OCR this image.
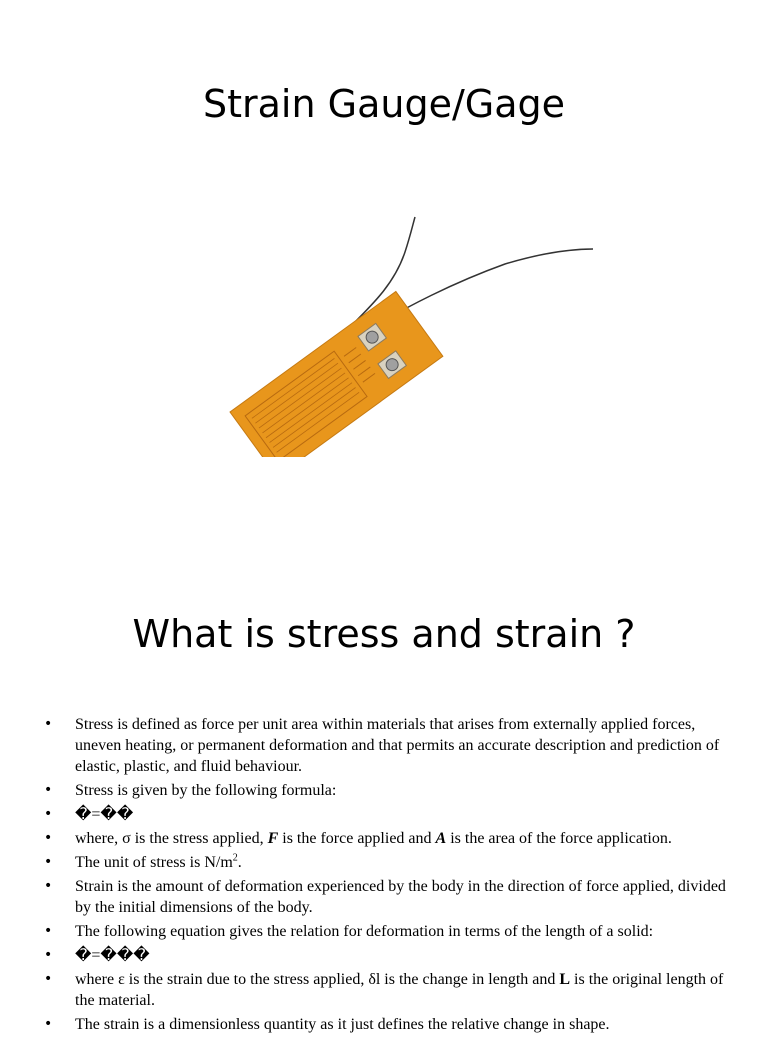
Strain Gauge/Gage
What is stress and strain ?
• Stress is defined as force per unit area within materials that arises from externally applied forces, uneven heating, or permanent deformation and that permits an accurate description and prediction of elastic, plastic, and fluid behaviour.
• Stress is given by the following formula:
• �=��
• where, σ is the stress applied, F is the force applied and A is the area of the force application.
• The unit of stress is $N/m^2$.
• Strain is the amount of deformation experienced by the body in the direction of force applied, divided by the initial dimensions of the body.
• The following equation gives the relation for deformation in terms of the length of a solid:
• �=���
• where ε is the strain due to the stress applied, δl is the change in length and L is the original length of the material.
• The strain is a dimensionless quantity as it just defines the relative change in shape.
